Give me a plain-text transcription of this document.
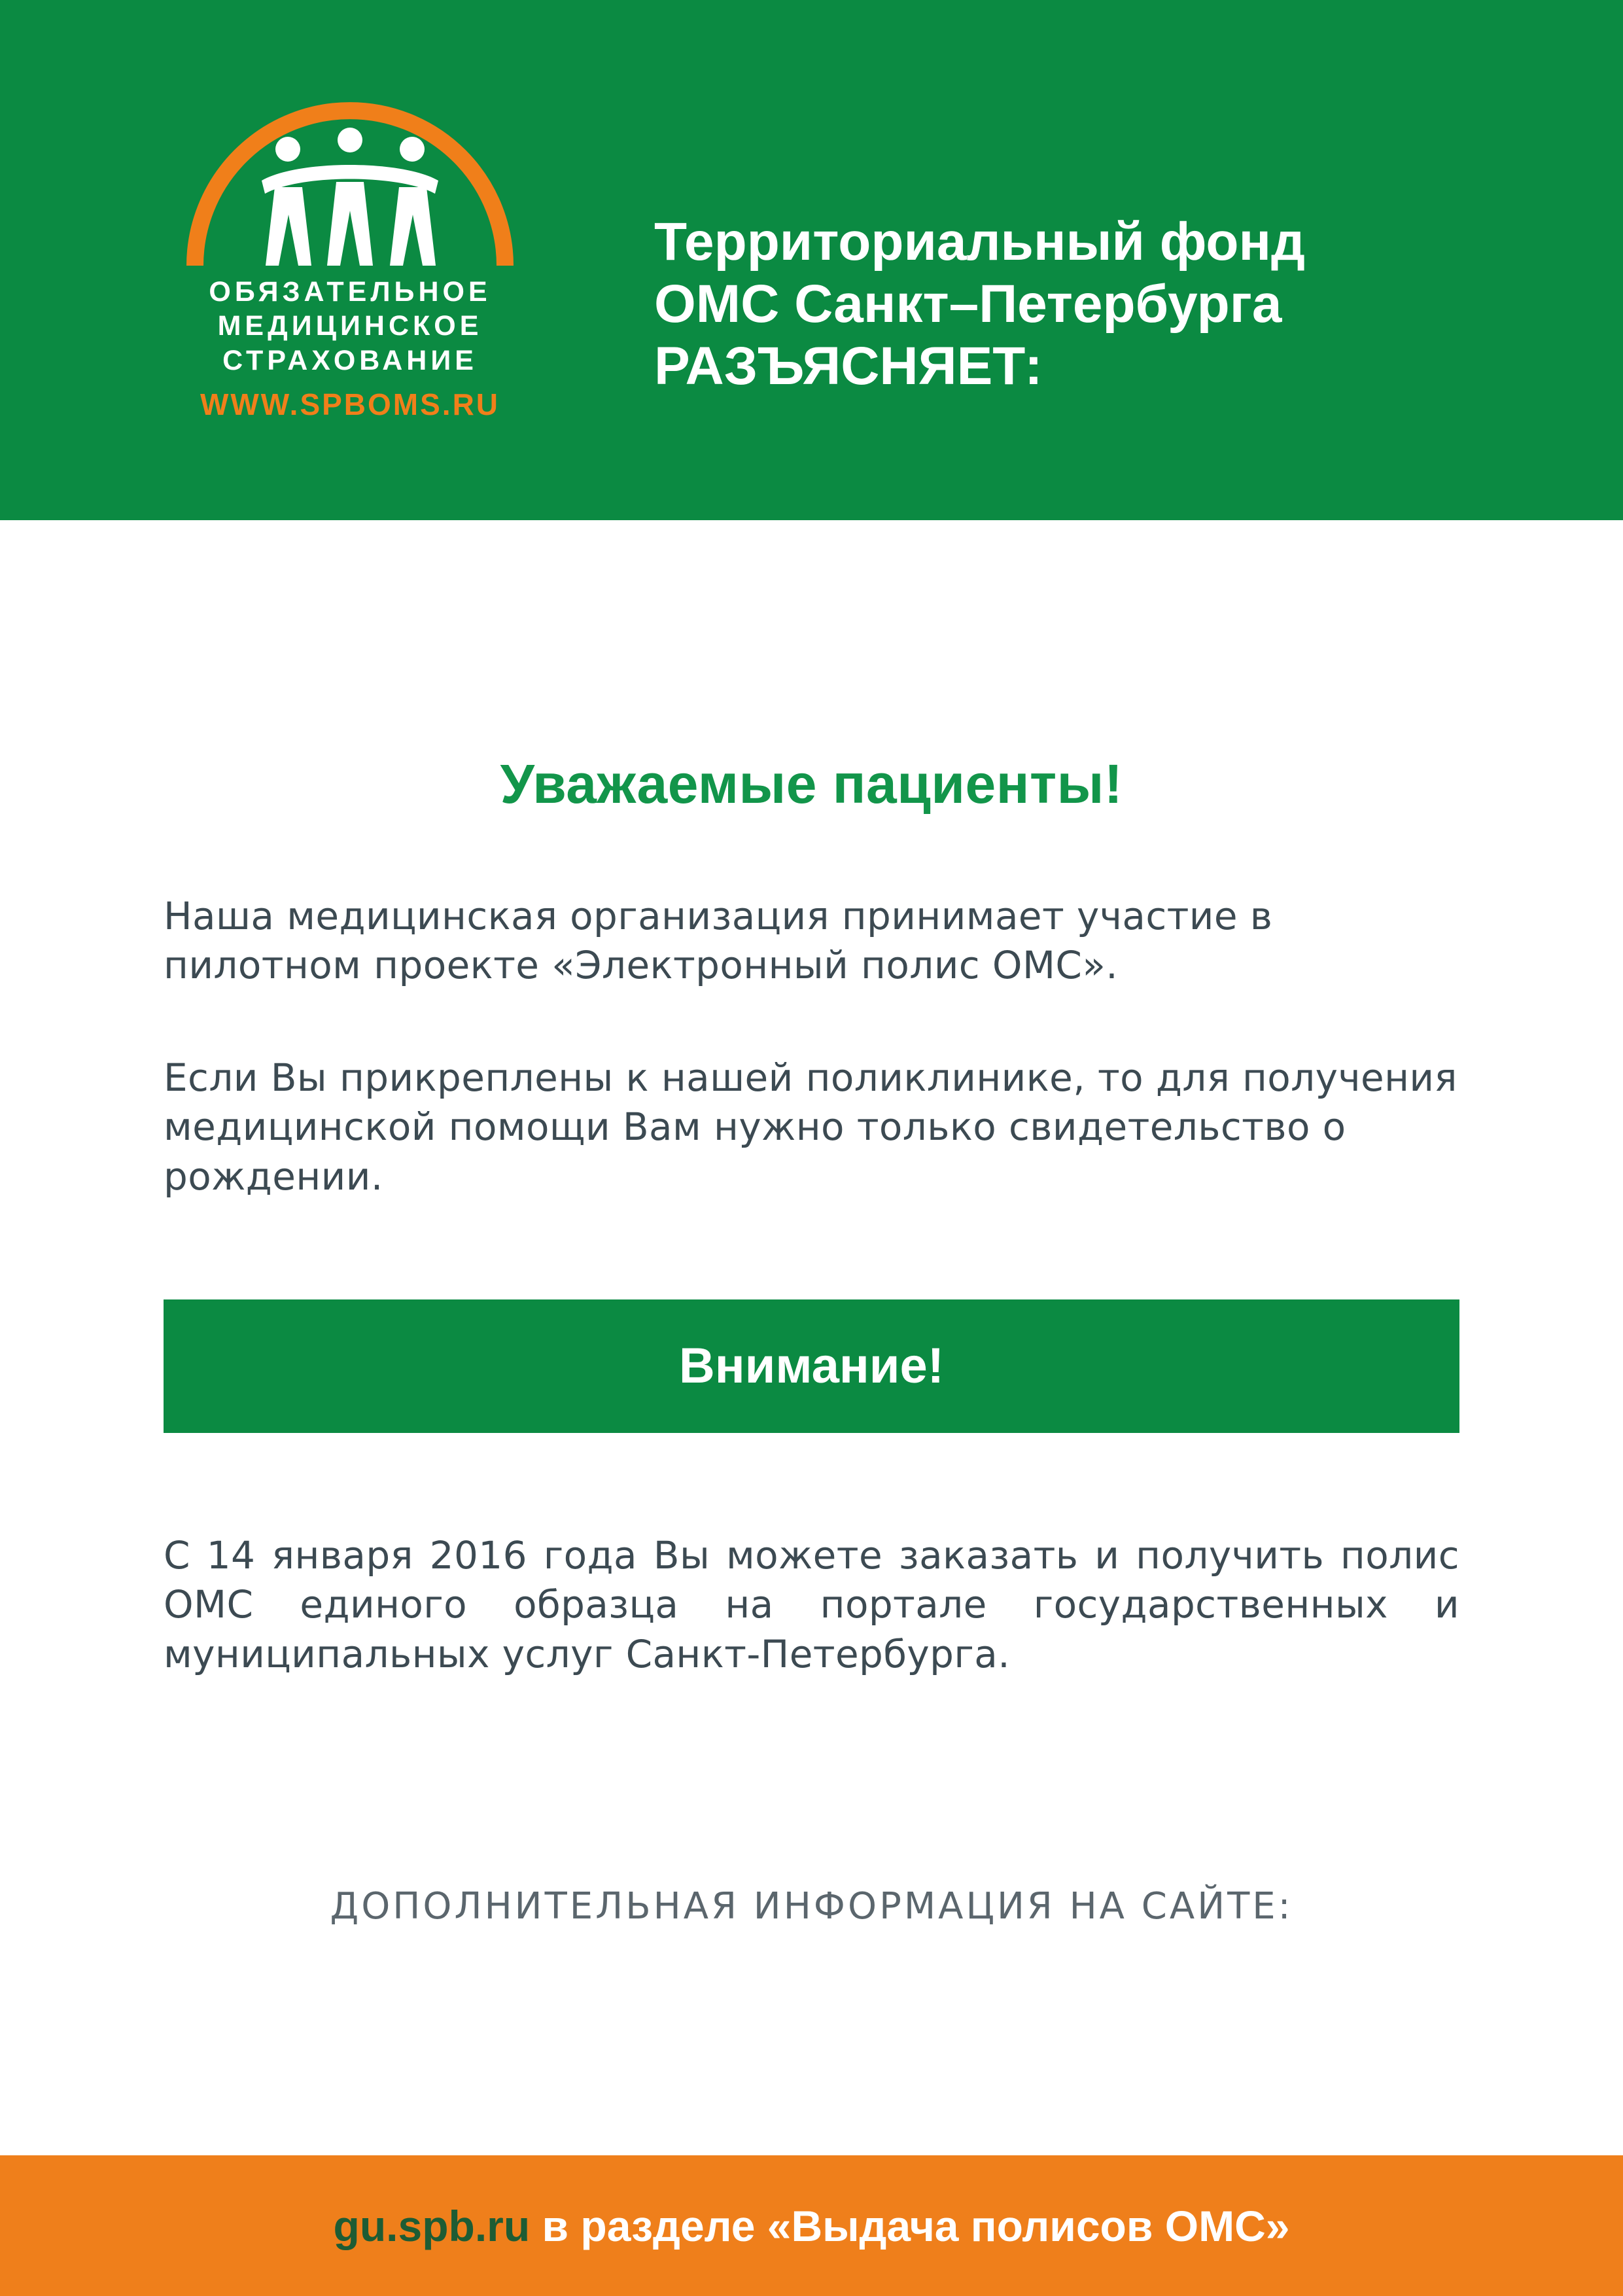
ОБЯЗАТЕЛЬНОЕ
МЕДИЦИНСКОЕ
СТРАХОВАНИЕ
WWW.SPBOMS.RU
Территориальный фонд
ОМС Санкт–Петербурга
РАЗЪЯСНЯЕТ:
Уважаемые пациенты!

Наша медицинская организация принимает участие в пилотном проекте «Электронный полис ОМС».

Если Вы прикреплены к нашей поликлинике, то для получения медицинской помощи Вам нужно только свидетельство о рождении.

Внимание!

С 14 января 2016 года Вы можете заказать и получить полис ОМС единого образца на портале государственных и муниципальных услуг Санкт-Петербурга.

ДОПОЛНИТЕЛЬНАЯ ИНФОРМАЦИЯ НА САЙТЕ:
gu.spb.ru в разделе «Выдача полисов ОМС»
